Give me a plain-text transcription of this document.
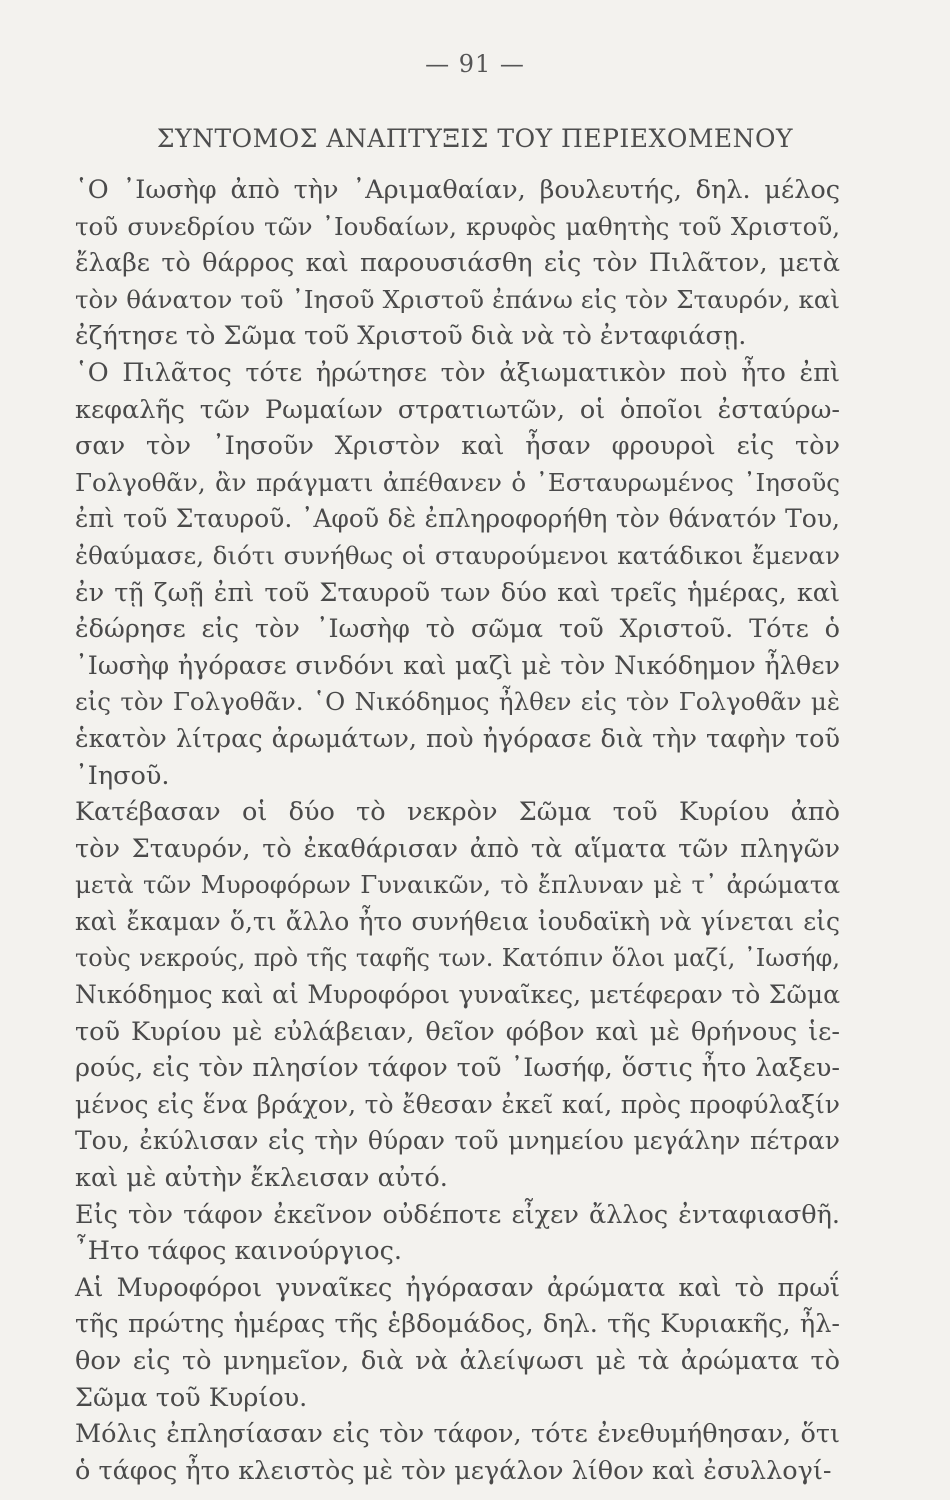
— 91 —
ΣΥΝΤΟΜΟΣ ΑΝΑΠΤΥΞΙΣ ΤΟΥ ΠΕΡΙΕΧΟΜΕΝΟΥ
῾Ο ᾿Ιωσὴφ ἀπὸ τὴν ᾿Αριμαθαίαν, βουλευτής, δηλ. μέλος
τοῦ συνεδρίου τῶν ᾿Ιουδαίων, κρυφὸς μαθητὴς τοῦ Χριστοῦ,
ἔλαβε τὸ θάρρος καὶ παρουσιάσθη εἰς τὸν Πιλᾶτον, μετὰ
τὸν θάνατον τοῦ ᾿Ιησοῦ Χριστοῦ ἐπάνω εἰς τὸν Σταυρόν, καὶ
ἐζήτησε τὸ Σῶμα τοῦ Χριστοῦ διὰ νὰ τὸ ἐνταφιάσῃ.
῾Ο Πιλᾶτος τότε ἠρώτησε τὸν ἀξιωματικὸν ποὺ ἦτο ἐπὶ
κεφαλῆς τῶν Ρωμαίων στρατιωτῶν, οἱ ὁποῖοι ἐσταύρω-
σαν τὸν ᾿Ιησοῦν Χριστὸν καὶ ἦσαν φρουροὶ εἰς τὸν
Γολγοθᾶν, ἂν πράγματι ἀπέθανεν ὁ ᾿Εσταυρωμένος ᾿Ιησοῦς
ἐπὶ τοῦ Σταυροῦ. ᾿Αφοῦ δὲ ἐπληροφορήθη τὸν θάνατόν Του,
ἐθαύμασε, διότι συνήθως οἱ σταυρούμενοι κατάδικοι ἔμεναν
ἐν τῇ ζωῇ ἐπὶ τοῦ Σταυροῦ των δύο καὶ τρεῖς ἡμέρας, καὶ
ἐδώρησε εἰς τὸν ᾿Ιωσὴφ τὸ σῶμα τοῦ Χριστοῦ. Τότε ὁ
᾿Ιωσὴφ ἠγόρασε σινδόνι καὶ μαζὶ μὲ τὸν Νικόδημον ἦλθεν
εἰς τὸν Γολγοθᾶν. ῾Ο Νικόδημος ἦλθεν εἰς τὸν Γολγοθᾶν μὲ
ἑκατὸν λίτρας ἀρωμάτων, ποὺ ἠγόρασε διὰ τὴν ταφὴν τοῦ
᾿Ιησοῦ.
Κατέβασαν οἱ δύο τὸ νεκρὸν Σῶμα τοῦ Κυρίου ἀπὸ
τὸν Σταυρόν, τὸ ἐκαθάρισαν ἀπὸ τὰ αἵματα τῶν πληγῶν
μετὰ τῶν Μυροφόρων Γυναικῶν, τὸ ἔπλυναν μὲ τ᾿ ἀρώματα
καὶ ἔκαμαν ὅ,τι ἄλλο ἦτο συνήθεια ἰουδαϊκὴ νὰ γίνεται εἰς
τοὺς νεκρούς, πρὸ τῆς ταφῆς των. Κατόπιν ὅλοι μαζί, ᾿Ιωσήφ,
Νικόδημος καὶ αἱ Μυροφόροι γυναῖκες, μετέφεραν τὸ Σῶμα
τοῦ Κυρίου μὲ εὐλάβειαν, θεῖον φόβον καὶ μὲ θρήνους ἱε-
ρούς, εἰς τὸν πλησίον τάφον τοῦ ᾿Ιωσήφ, ὅστις ἦτο λαξευ-
μένος εἰς ἕνα βράχον, τὸ ἔθεσαν ἐκεῖ καί, πρὸς προφύλαξίν
Του, ἐκύλισαν εἰς τὴν θύραν τοῦ μνημείου μεγάλην πέτραν
καὶ μὲ αὐτὴν ἔκλεισαν αὐτό.
Εἰς τὸν τάφον ἐκεῖνον οὐδέποτε εἶχεν ἄλλος ἐνταφιασθῆ.
῏Ητο τάφος καινούργιος.
Αἱ Μυροφόροι γυναῖκες ἠγόρασαν ἀρώματα καὶ τὸ πρωΐ
τῆς πρώτης ἡμέρας τῆς ἑβδομάδος, δηλ. τῆς Κυριακῆς, ἦλ-
θον εἰς τὸ μνημεῖον, διὰ νὰ ἀλείψωσι μὲ τὰ ἀρώματα τὸ
Σῶμα τοῦ Κυρίου.
Μόλις ἐπλησίασαν εἰς τὸν τάφον, τότε ἐνεθυμήθησαν, ὅτι
ὁ τάφος ἦτο κλειστὸς μὲ τὸν μεγάλον λίθον καὶ ἐσυλλογί-
